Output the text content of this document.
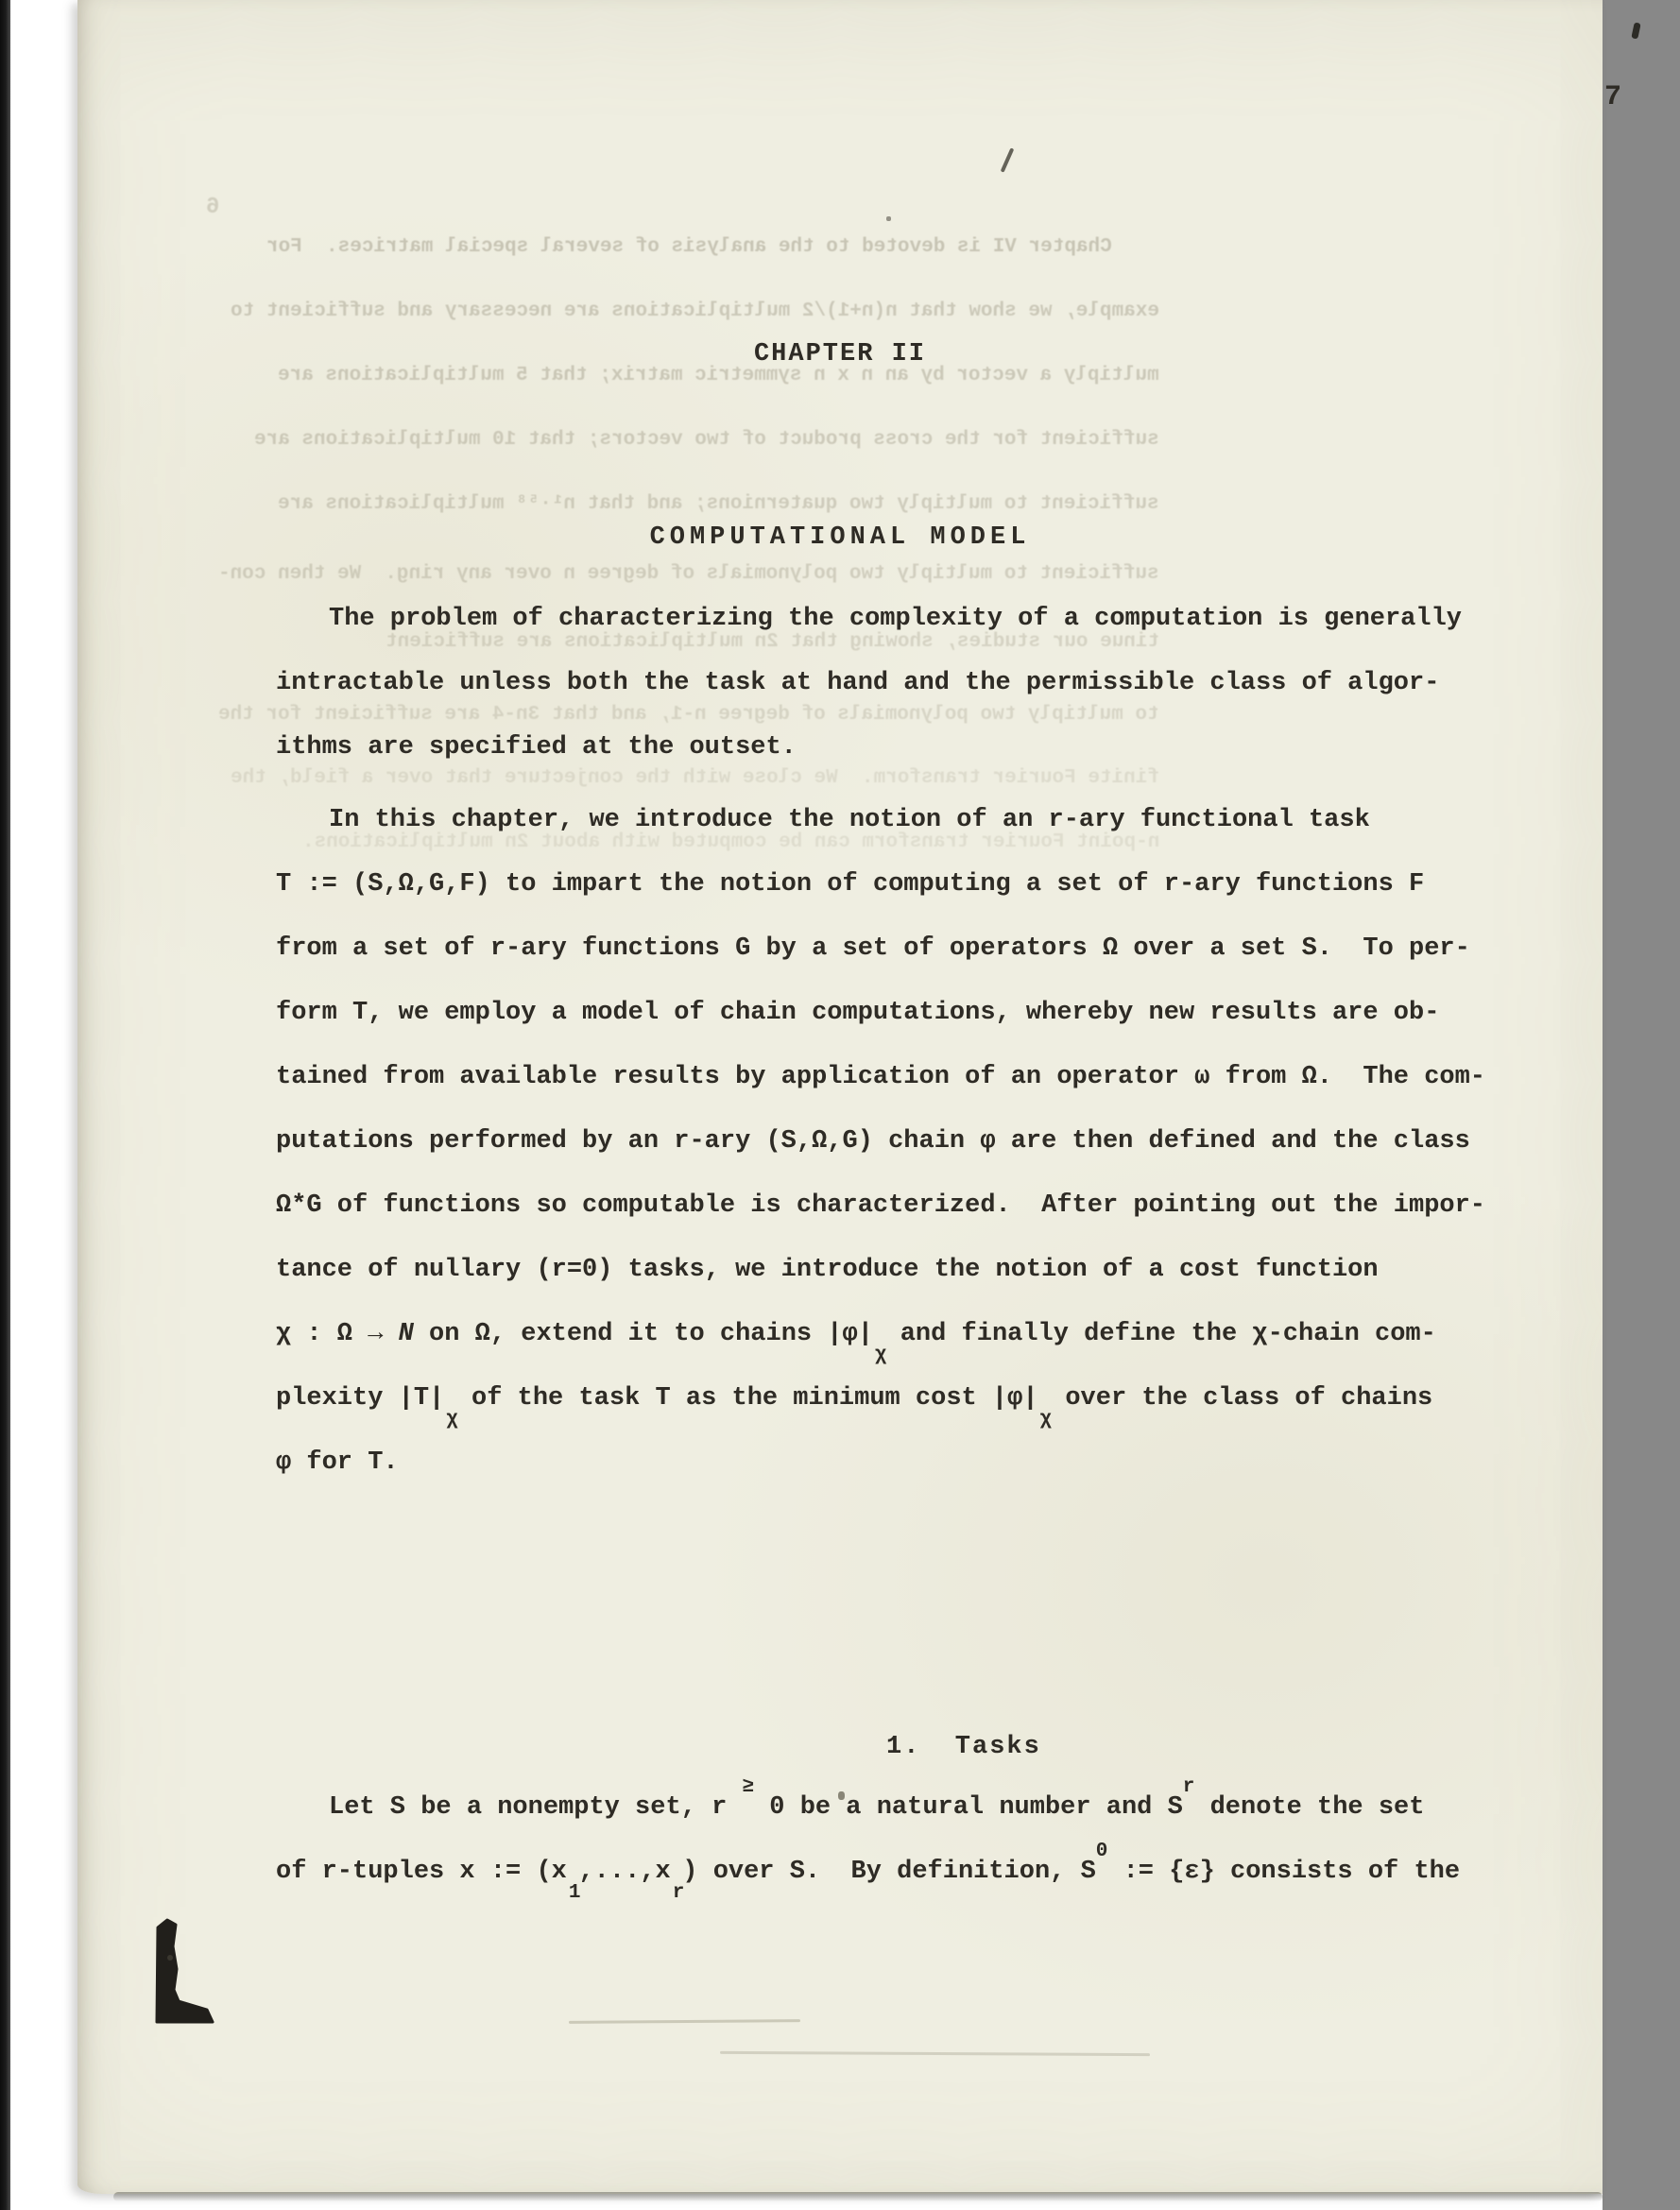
Chapter VI is devoted to the analysis of several special matrices.  For
example, we show that n(n+1)/2 multiplications are necessary and sufficient to
multiply a vector by an n x n symmetric matrix; that 5 multiplications are
sufficient for the cross product of two vectors; that 10 multiplications are
sufficient to multiply two quaternions; and that n¹·⁵⁸ multiplications are
sufficient to multiply two polynomials of degree n over any ring.  We then con-
tinue our studies, showing that 2n multiplications are sufficient
to multiply two polynomials of degree n-1, and that 3n-4 are sufficient for the
finite Fourier transform.  We close with the conjecture that over a field, the
n-point Fourier transform can be computed with about 2n multiplications.
6
7
CHAPTER II
COMPUTATIONAL MODEL
The problem of characterizing the complexity of a computation is generally
intractable unless both the task at hand and the permissible class of algor-
ithms are specified at the outset.
In this chapter, we introduce the notion of an r-ary functional task
T := (S,Ω,G,F) to impart the notion of computing a set of r-ary functions F
from a set of r-ary functions G by a set of operators Ω over a set S.  To per-
form T, we employ a model of chain computations, whereby new results are ob-
tained from available results by application of an operator ω from Ω.  The com-
putations performed by an r-ary (S,Ω,G) chain φ are then defined and the class
Ω*G of functions so computable is characterized.  After pointing out the impor-
tance of nullary (r=0) tasks, we introduce the notion of a cost function
χ : Ω → N on Ω, extend it to chains $|\varphi|_\chi$ and finally define the χ-chain com-
plexity $|T|_\chi$ of the task T as the minimum cost $|\varphi|_\chi$ over the class of chains
φ for T.
1.  Tasks
Let S be a nonempty set, r ≥ 0 be a natural number and $S^r$ denote the set
of r-tuples x := $(x_1,...,x_r)$ over S.  By definition, $S^0$ := {ε} consists of the
